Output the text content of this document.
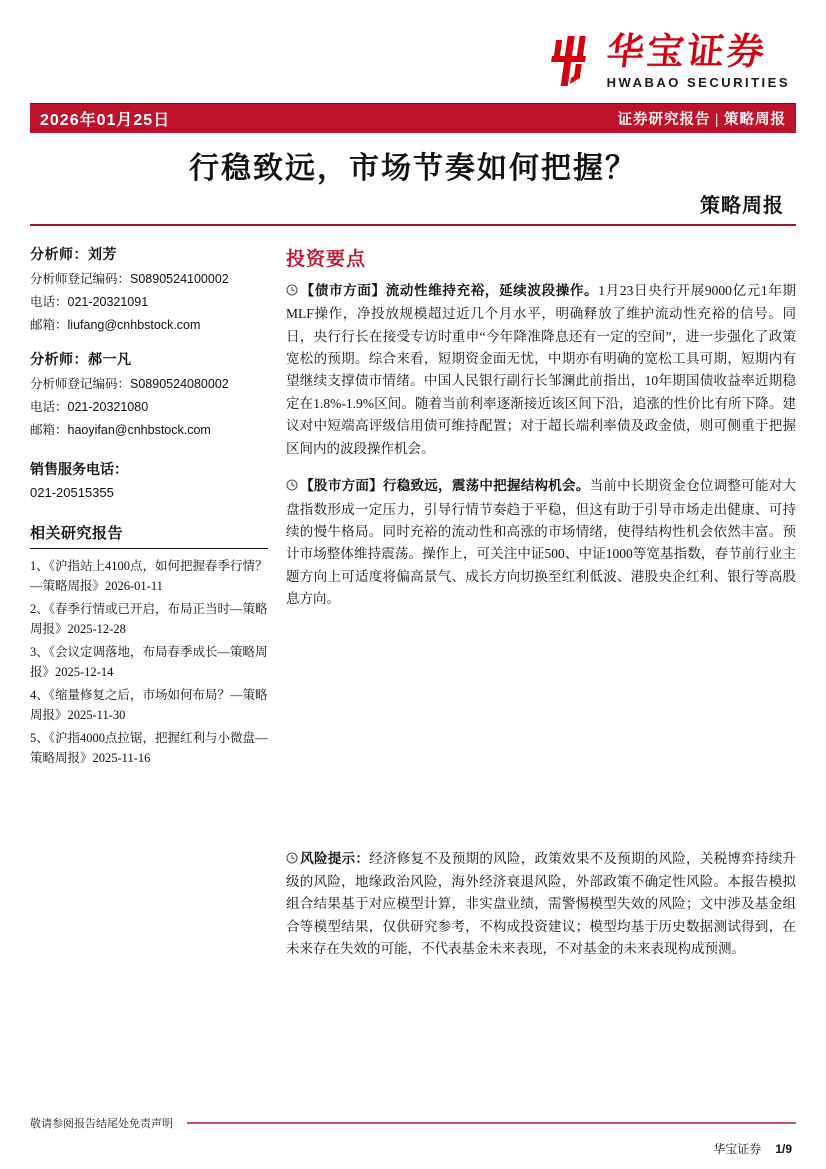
华宝证券
HWABAO SECURITIES
2026年01月25日	证券研究报告 | 策略周报
行稳致远，市场节奏如何把握？
策略周报
分析师：刘芳
分析师登记编码：S0890524100002
电话：021-20321091
邮箱：liufang@cnhbstock.com
分析师：郝一凡
分析师登记编码：S0890524080002
电话：021-20321080
邮箱：haoyifan@cnhbstock.com
销售服务电话：
021-20515355
相关研究报告
1、《沪指站上4100点，如何把握春季行情？—策略周报》2026-01-11
2、《春季行情或已开启，布局正当时—策略周报》2025-12-28
3、《会议定调落地，布局春季成长—策略周报》2025-12-14
4、《缩量修复之后，市场如何布局？—策略周报》2025-11-30
5、《沪指4000点拉锯，把握红利与小微盘—策略周报》2025-11-16
投资要点

【债市方面】流动性维持充裕，延续波段操作。1月23日央行开展9000亿元1年期MLF操作，净投放规模超过近几个月水平，明确释放了维护流动性充裕的信号。同日，央行行长在接受专访时重申“今年降准降息还有一定的空间”，进一步强化了政策宽松的预期。综合来看，短期资金面无忧，中期亦有明确的宽松工具可期，短期内有望继续支撑债市情绪。中国人民银行副行长邹澜此前指出，10年期国债收益率近期稳定在1.8%-1.9%区间。随着当前利率逐渐接近该区间下沿，追涨的性价比有所下降。建议对中短端高评级信用债可维持配置；对于超长端利率债及政金债，则可侧重于把握区间内的波段操作机会。

【股市方面】行稳致远，震荡中把握结构机会。当前中长期资金仓位调整可能对大盘指数形成一定压力，引导行情节奏趋于平稳，但这有助于引导市场走出健康、可持续的慢牛格局。同时充裕的流动性和高涨的市场情绪，使得结构性机会依然丰富。预计市场整体维持震荡。操作上，可关注中证500、中证1000等宽基指数，春节前行业主题方向上可适度将偏高景气、成长方向切换至红利低波、港股央企红利、银行等高股息方向。

风险提示：经济修复不及预期的风险，政策效果不及预期的风险，关税博弈持续升级的风险，地缘政治风险，海外经济衰退风险，外部政策不确定性风险。本报告模拟组合结果基于对应模型计算，非实盘业绩，需警惕模型失效的风险；文中涉及基金组合等模型结果，仅供研究参考，不构成投资建议；模型均基于历史数据测试得到，在未来存在失效的可能，不代表基金未来表现，不对基金的未来表现构成预测。

敬请参阅报告结尾处免责声明
华宝证券 1/9
